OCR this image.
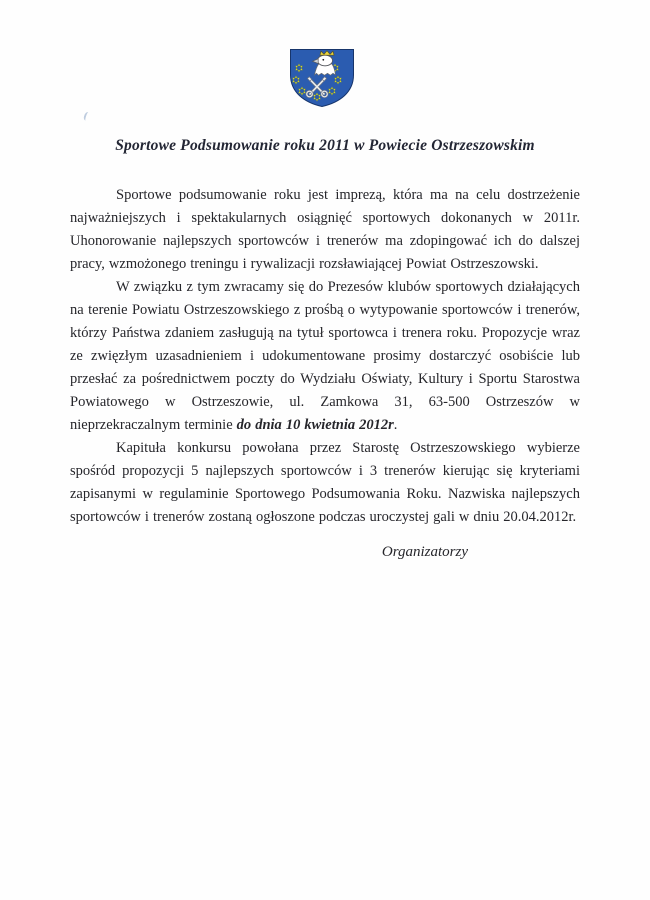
Sportowe Podsumowanie roku 2011 w Powiecie Ostrzeszowskim

Sportowe podsumowanie roku jest imprezą, która ma na celu dostrzeżenie najważniejszych i spektakularnych osiągnięć sportowych dokonanych w 2011r. Uhonorowanie najlepszych sportowców i trenerów ma zdopingować ich do dalszej pracy, wzmożonego treningu i rywalizacji rozsławiającej Powiat Ostrzeszowski.

W związku z tym zwracamy się do Prezesów klubów sportowych działających na terenie Powiatu Ostrzeszowskiego z prośbą o wytypowanie sportowców i trenerów, którzy Państwa zdaniem zasługują na tytuł sportowca i trenera roku. Propozycje wraz ze zwięzłym uzasadnieniem i udokumentowane prosimy dostarczyć osobiście lub przesłać za pośrednictwem poczty do Wydziału Oświaty, Kultury i Sportu Starostwa Powiatowego w Ostrzeszowie, ul. Zamkowa 31, 63-500 Ostrzeszów w nieprzekraczalnym terminie do dnia 10 kwietnia 2012r.

Kapituła konkursu powołana przez Starostę Ostrzeszowskiego wybierze spośród propozycji 5 najlepszych sportowców i 3 trenerów kierując się kryteriami zapisanymi w regulaminie Sportowego Podsumowania Roku. Nazwiska najlepszych sportowców i trenerów zostaną ogłoszone podczas uroczystej gali w dniu 20.04.2012r.

Organizatorzy
